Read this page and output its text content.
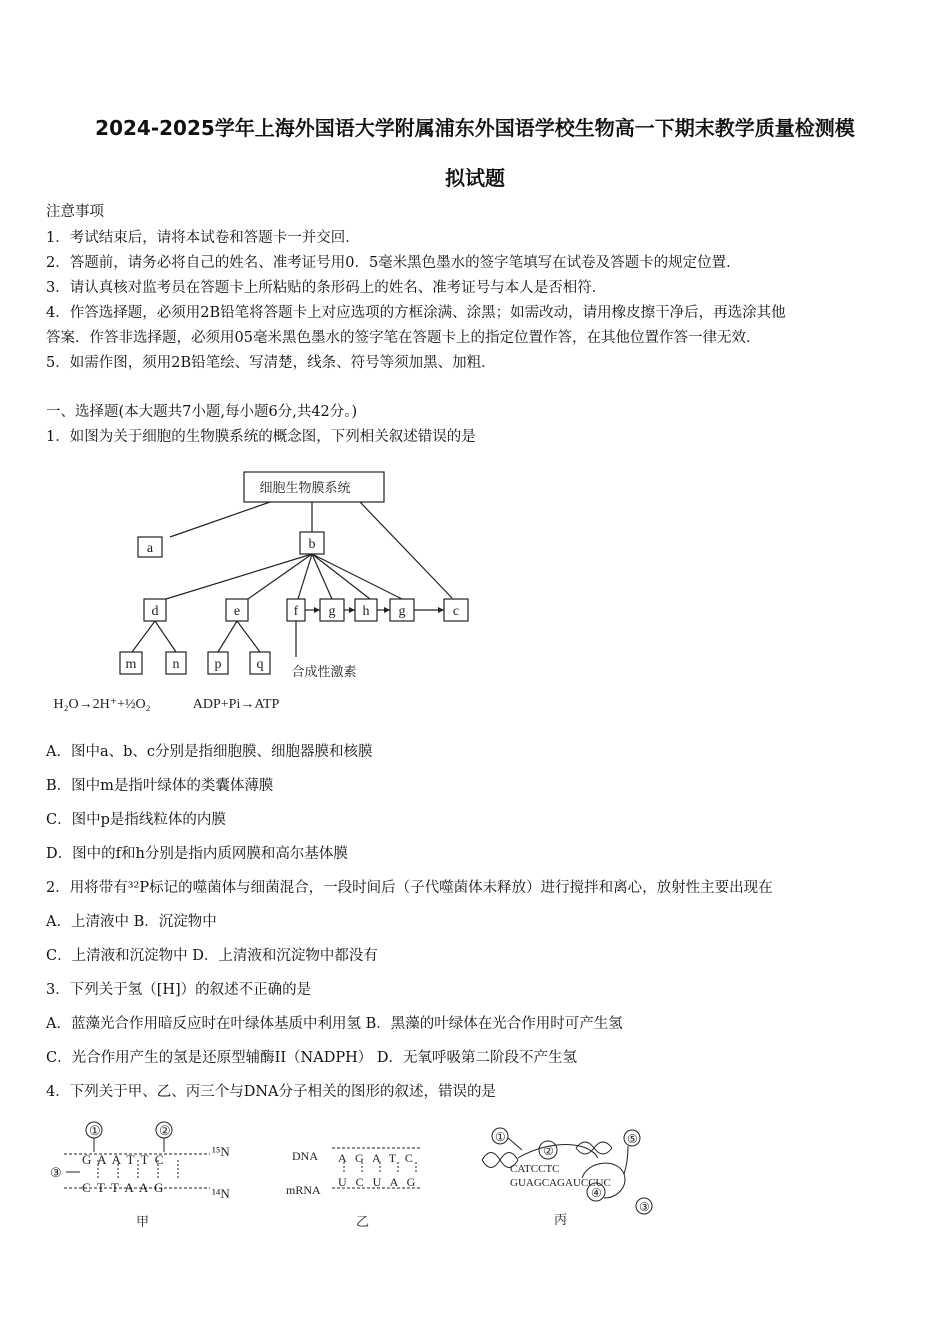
2024-2025学年上海外国语大学附属浦东外国语学校生物高一下期末教学质量检测模
拟试题
注意事项
1．考试结束后，请将本试卷和答题卡一并交回．
2．答题前，请务必将自己的姓名、准考证号用0．5毫米黑色墨水的签字笔填写在试卷及答题卡的规定位置．
3．请认真核对监考员在答题卡上所粘贴的条形码上的姓名、准考证号与本人是否相符．
4．作答选择题，必须用2B铅笔将答题卡上对应选项的方框涂满、涂黑；如需改动，请用橡皮擦干净后，再选涂其他
答案．作答非选择题，必须用05毫米黑色墨水的签字笔在答题卡上的指定位置作答，在其他位置作答一律无效．
5．如需作图，须用2B铅笔绘、写清楚，线条、符号等须加黑、加粗．
一、选择题(本大题共7小题,每小题6分,共42分。)
1．如图为关于细胞的生物膜系统的概念图，下列相关叙述错误的是
细胞生物膜系统
a	b
d	e	f g h g	c
m	n	p	q 合成性激素
H₂O→2H⁺+½O₂	ADP+Pi→ATP
A．图中a、b、c分别是指细胞膜、细胞器膜和核膜
B．图中m是指叶绿体的类囊体薄膜
C．图中p是指线粒体的内膜
D．图中的f和h分别是指内质网膜和高尔基体膜
2．用将带有³²P标记的噬菌体与细菌混合，一段时间后（子代噬菌体未释放）进行搅拌和离心，放射性主要出现在
A．上清液中 B．沉淀物中
C．上清液和沉淀物中 D．上清液和沉淀物中都没有
3．下列关于氢（[H]）的叙述不正确的是
A．蓝藻光合作用暗反应时在叶绿体基质中利用氢 B．黑藻的叶绿体在光合作用时可产生氢
C．光合作用产生的氢是还原型辅酶II（NADPH） D．无氧呼吸第二阶段不产生氢
4．下列关于甲、乙、丙三个与DNA分子相关的图形的叙述，错误的是
①	②
③
G  A  A  T  T  C
C  T  T  A  A  G
¹⁵N
¹⁴N
甲
DNA
mRNA
A G A T C
U C U A G
乙
①
②
③
④
⑤
CATCCTC
GUAGCAGAUCCUC
丙
